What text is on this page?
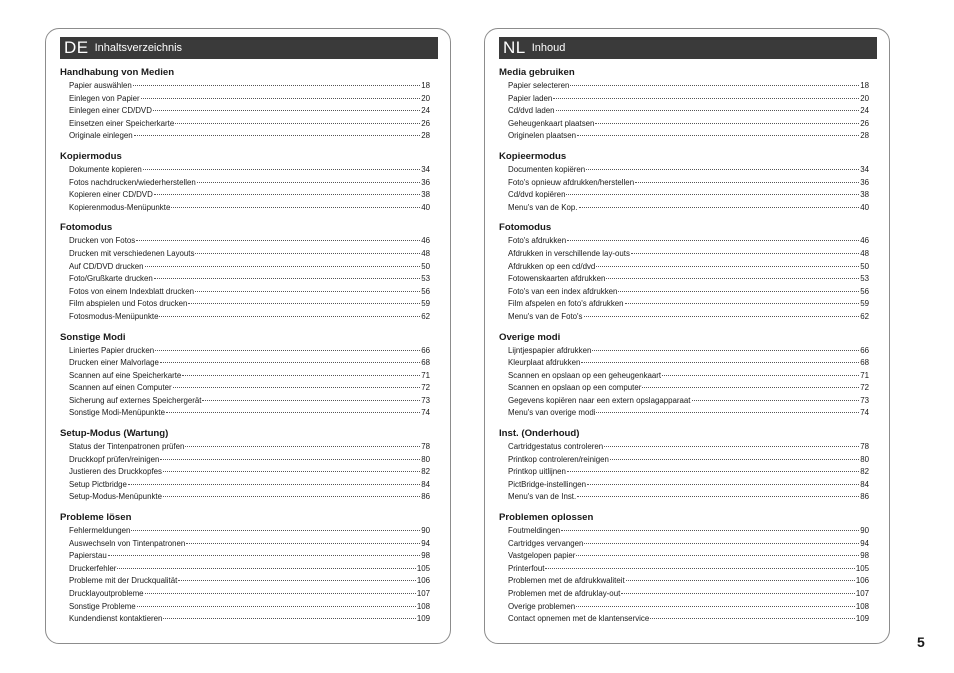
DE Inhaltsverzeichnis
Handhabung von Medien
Papier auswählen	18
Einlegen von Papier	20
Einlegen einer CD/DVD	24
Einsetzen einer Speicherkarte	26
Originale einlegen	28
Kopiermodus
Dokumente kopieren	34
Fotos nachdrucken/wiederherstellen	36
Kopieren einer CD/DVD	38
Kopierenmodus-Menüpunkte	40
Fotomodus
Drucken von Fotos	46
Drucken mit verschiedenen Layouts	48
Auf CD/DVD drucken	50
Foto/Grußkarte drucken	53
Fotos von einem Indexblatt drucken	56
Film abspielen und Fotos drucken	59
Fotosmodus-Menüpunkte	62
Sonstige Modi
Liniertes Papier drucken	66
Drucken einer Malvorlage	68
Scannen auf eine Speicherkarte	71
Scannen auf einen Computer	72
Sicherung auf externes Speichergerät	73
Sonstige Modi-Menüpunkte	74
Setup-Modus (Wartung)
Status der Tintenpatronen prüfen	78
Druckkopf prüfen/reinigen	80
Justieren des Druckkopfes	82
Setup Pictbridge	84
Setup-Modus-Menüpunkte	86
Probleme lösen
Fehlermeldungen	90
Auswechseln von Tintenpatronen	94
Papierstau	98
Druckerfehler	105
Probleme mit der Druckqualität	106
Drucklayoutprobleme	107
Sonstige Probleme	108
Kundendienst kontaktieren	109
NL Inhoud
Media gebruiken
Papier selecteren	18
Papier laden	20
Cd/dvd laden	24
Geheugenkaart plaatsen	26
Originelen plaatsen	28
Kopieermodus
Documenten kopiëren	34
Foto's opnieuw afdrukken/herstellen	36
Cd/dvd kopiëren	38
Menu's van de Kop.	40
Fotomodus
Foto's afdrukken	46
Afdrukken in verschillende lay-outs	48
Afdrukken op een cd/dvd	50
Fotowenskaarten afdrukken	53
Foto's van een index afdrukken	56
Film afspelen en foto's afdrukken	59
Menu's van de Foto's	62
Overige modi
Lijntjespapier afdrukken	66
Kleurplaat afdrukken	68
Scannen en opslaan op een geheugenkaart	71
Scannen en opslaan op een computer	72
Gegevens kopiëren naar een extern opslagapparaat	73
Menu's van overige modi	74
Inst. (Onderhoud)
Cartridgestatus controleren	78
Printkop controleren/reinigen	80
Printkop uitlijnen	82
PictBridge-instellingen	84
Menu's van de Inst.	86
Problemen oplossen
Foutmeldingen	90
Cartridges vervangen	94
Vastgelopen papier	98
Printerfout	105
Problemen met de afdrukkwaliteit	106
Problemen met de afdruklay-out	107
Overige problemen	108
Contact opnemen met de klantenservice	109
5
